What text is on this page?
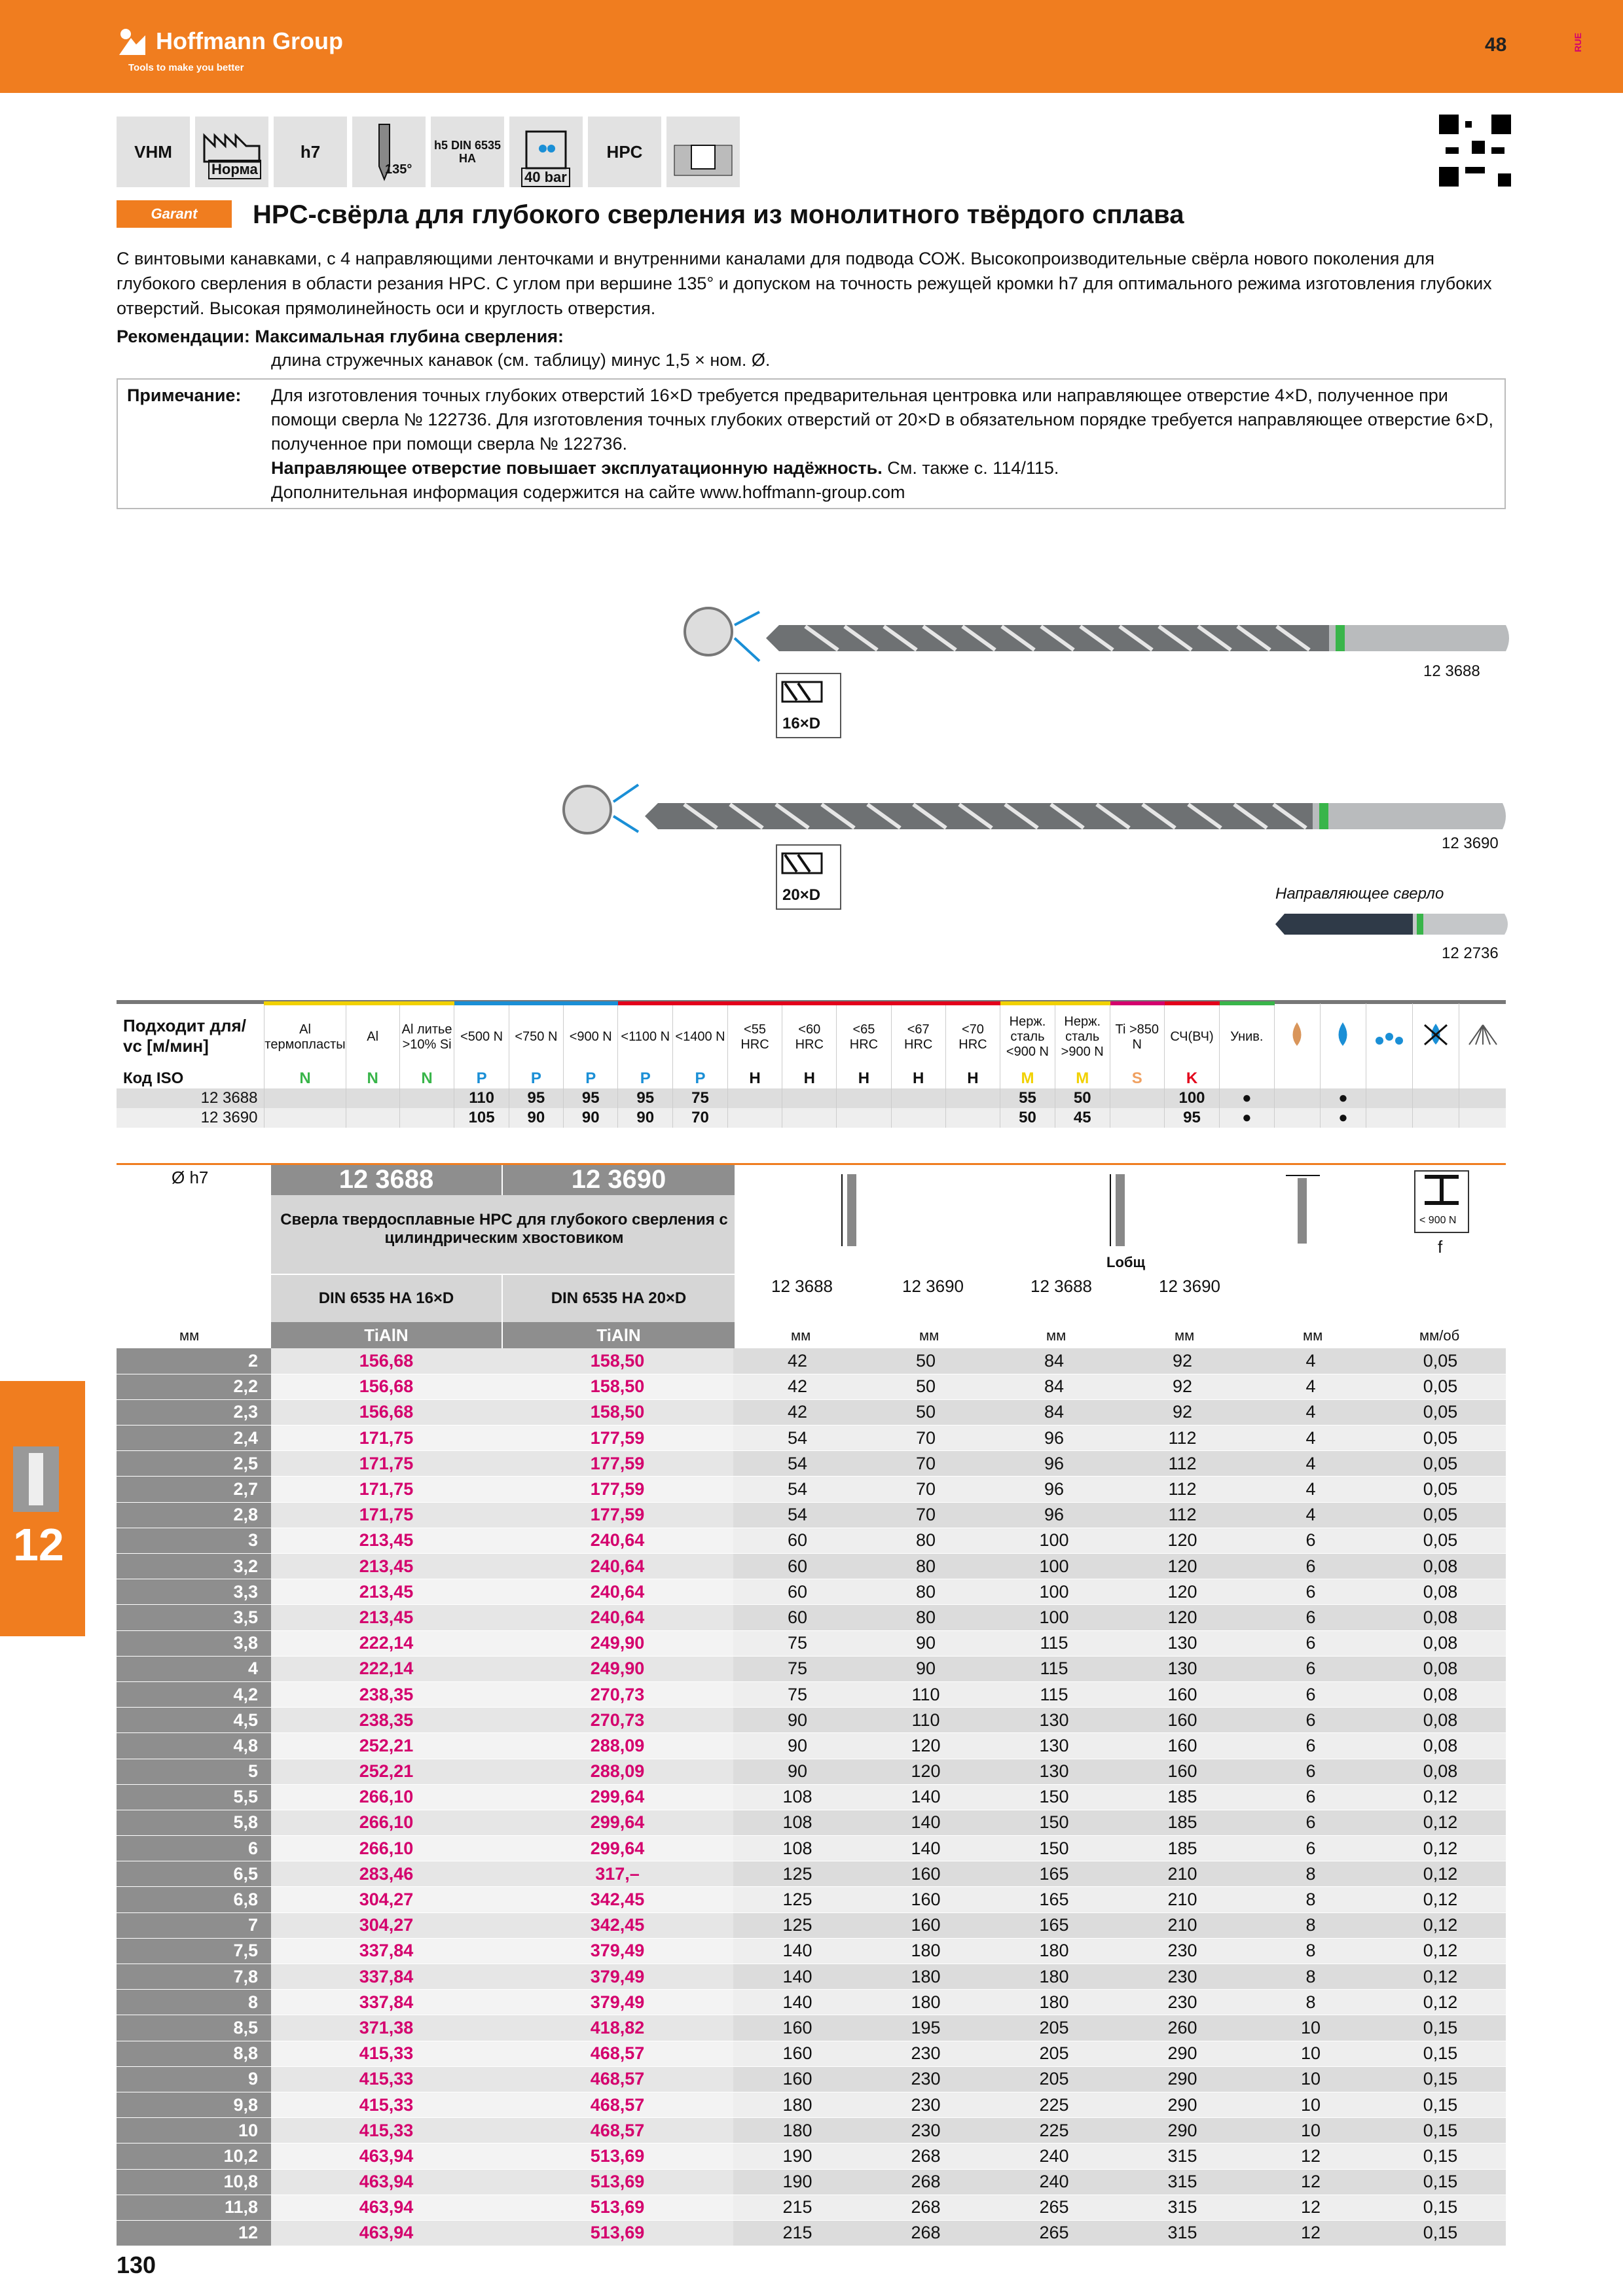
Hoffmann Group
Tools to make you better
48	RUE
VHM
Норма
h7
135°
h5 DIN 6535 HA
40 bar
HPC
Garant	HPC-свёрла для глубокого сверления из монолитного твёрдого сплава
С винтовыми канавками, с 4 направляющими ленточками и внутренними каналами для подвода СОЖ. Высокопроизводительные свёрла нового поколения для глубокого сверления в области резания HPC. С углом при вершине 135° и допуском на точность режущей кромки h7 для оптимального режима изготовления глубоких отверстий. Высокая прямолинейность оси и круглость отверстия.
Рекомендации: Максимальная глубина сверления:
длина стружечных канавок (см. таблицу) минус 1,5 × ном. Ø.
Примечание: Для изготовления точных глубоких отверстий 16×D требуется предварительная центровка или направляющее отверстие 4×D, полученное при помощи сверла № 122736. Для изготовления точных глубоких отверстий от 20×D в обязательном порядке требуется направляющее отверстие 6×D, полученное при помощи сверла № 122736.
Направляющее отверстие повышает эксплуатационную надёжность. См. также с. 114/115.
Дополнительная информация содержится на сайте www.hoffmann-group.com
12 3688
16×D
12 3690
20×D	Направляющее сверло
12 2736
Подходит для/ vc [м/мин]	Al термопласты	Al	Al литье >10% Si	<500 N	<750 N	<900 N	<1100 N	<1400 N	<55 HRC	<60 HRC	<65 HRC	<67 HRC	<70 HRC	Нерж. сталь <900 N	Нерж. сталь >900 N	Ti >850 N	СЧ(ВЧ)	Унив.					
Код ISO	N	N	N	P	P	P	P	P	H	H	H	H	H	M	M	S	K						
12 3688				110	95	95	95	75						55	50		100	●		●			
12 3690				105	90	90	90	70						50	45		95	●		●			
Ø h7	12 3688	12 3690
Сверла твердосплавные HPC для глубокого сверления с цилиндрическим хвостовиком
DIN 6535 HA 16×D	DIN 6535 HA 20×D
Lобщ
< 900 N
f
12 3688	12 3690	12 3688	12 3690
мм	TiAlN	TiAlN	мм	мм	мм	мм	мм	мм/об
2	156,68	158,50	42	50	84	92	4	0,05
2,2	156,68	158,50	42	50	84	92	4	0,05
2,3	156,68	158,50	42	50	84	92	4	0,05
2,4	171,75	177,59	54	70	96	112	4	0,05
2,5	171,75	177,59	54	70	96	112	4	0,05
2,7	171,75	177,59	54	70	96	112	4	0,05
2,8	171,75	177,59	54	70	96	112	4	0,05
3	213,45	240,64	60	80	100	120	6	0,05
3,2	213,45	240,64	60	80	100	120	6	0,08
3,3	213,45	240,64	60	80	100	120	6	0,08
3,5	213,45	240,64	60	80	100	120	6	0,08
3,8	222,14	249,90	75	90	115	130	6	0,08
4	222,14	249,90	75	90	115	130	6	0,08
4,2	238,35	270,73	75	110	115	160	6	0,08
4,5	238,35	270,73	90	110	130	160	6	0,08
4,8	252,21	288,09	90	120	130	160	6	0,08
5	252,21	288,09	90	120	130	160	6	0,08
5,5	266,10	299,64	108	140	150	185	6	0,12
5,8	266,10	299,64	108	140	150	185	6	0,12
6	266,10	299,64	108	140	150	185	6	0,12
6,5	283,46	317,–	125	160	165	210	8	0,12
6,8	304,27	342,45	125	160	165	210	8	0,12
7	304,27	342,45	125	160	165	210	8	0,12
7,5	337,84	379,49	140	180	180	230	8	0,12
7,8	337,84	379,49	140	180	180	230	8	0,12
8	337,84	379,49	140	180	180	230	8	0,12
8,5	371,38	418,82	160	195	205	260	10	0,15
8,8	415,33	468,57	160	230	205	290	10	0,15
9	415,33	468,57	160	230	205	290	10	0,15
9,8	415,33	468,57	180	230	225	290	10	0,15
10	415,33	468,57	180	230	225	290	10	0,15
10,2	463,94	513,69	190	268	240	315	12	0,15
10,8	463,94	513,69	190	268	240	315	12	0,15
11,8	463,94	513,69	215	268	265	315	12	0,15
12	463,94	513,69	215	268	265	315	12	0,15
12
130
